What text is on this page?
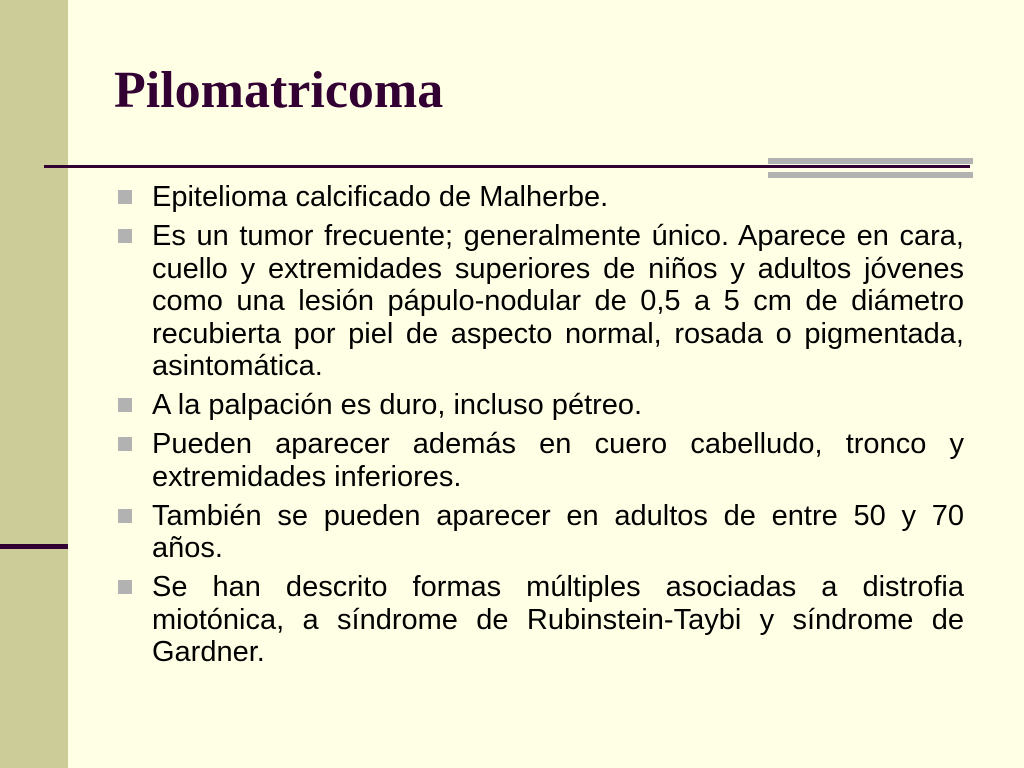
Pilomatricoma
Epitelioma calcificado de Malherbe.
Es un tumor frecuente; generalmente único. Aparece en cara, cuello y extremidades superiores de niños y adultos jóvenes como una lesión pápulo-nodular de 0,5 a 5 cm de diámetro recubierta por piel de aspecto normal, rosada o pigmentada, asintomática.
A la palpación es duro, incluso pétreo.
Pueden aparecer además en cuero cabelludo, tronco y extremidades inferiores.
También se pueden aparecer en adultos de entre 50 y 70 años.
Se han descrito formas múltiples asociadas a distrofia miotónica, a síndrome de Rubinstein-Taybi y síndrome de Gardner.
